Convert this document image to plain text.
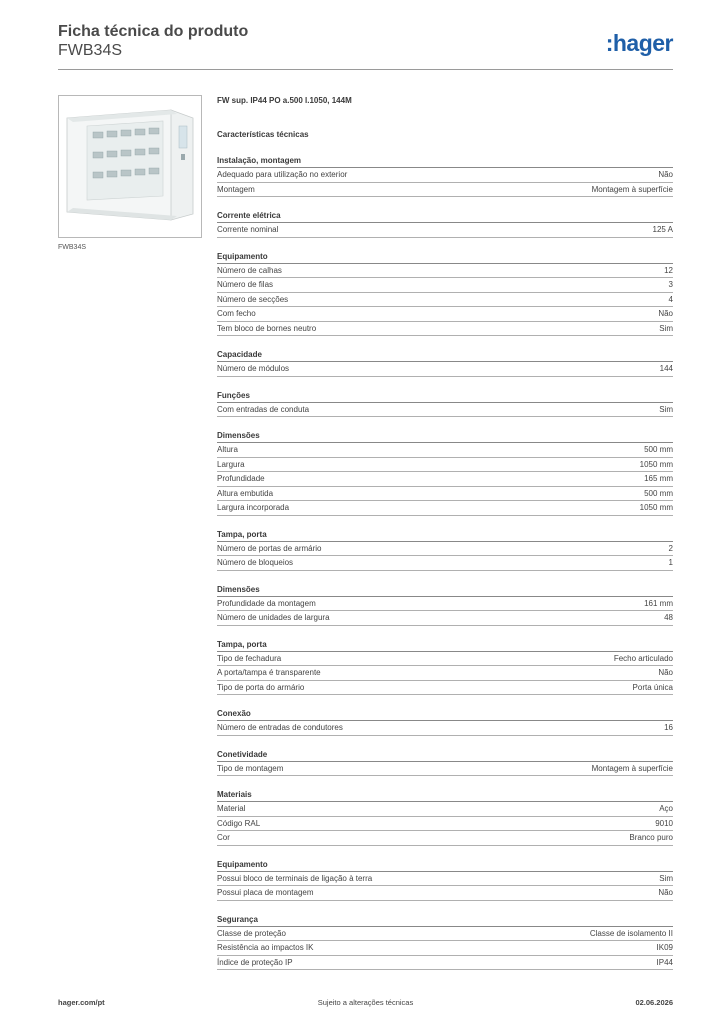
Ficha técnica do produto
FWB34S	:hager
FWB34S
FW sup. IP44 PO a.500 l.1050, 144M
Características técnicas
Instalação, montagem
Adequado para utilização no exterior	Não
Montagem	Montagem à superfície
Corrente elétrica
Corrente nominal	125 A
Equipamento
Número de calhas	12
Número de filas	3
Número de secções	4
Com fecho	Não
Tem bloco de bornes neutro	Sim
Capacidade
Número de módulos	144
Funções
Com entradas de conduta	Sim
Dimensões
Altura	500 mm
Largura	1050 mm
Profundidade	165 mm
Altura embutida	500 mm
Largura incorporada	1050 mm
Tampa, porta
Número de portas de armário	2
Número de bloqueios	1
Dimensões
Profundidade da montagem	161 mm
Número de unidades de largura	48
Tampa, porta
Tipo de fechadura	Fecho articulado
A porta/tampa é transparente	Não
Tipo de porta do armário	Porta única
Conexão
Número de entradas de condutores	16
Conetividade
Tipo de montagem	Montagem à superfície
Materiais
Material	Aço
Código RAL	9010
Cor	Branco puro
Equipamento
Possui bloco de terminais de ligação à terra	Sim
Possui placa de montagem	Não
Segurança
Classe de proteção	Classe de isolamento II
Resistência ao impactos IK	IK09
Índice de proteção IP	IP44
hager.com/pt	Sujeito a alterações técnicas	02.06.2026
